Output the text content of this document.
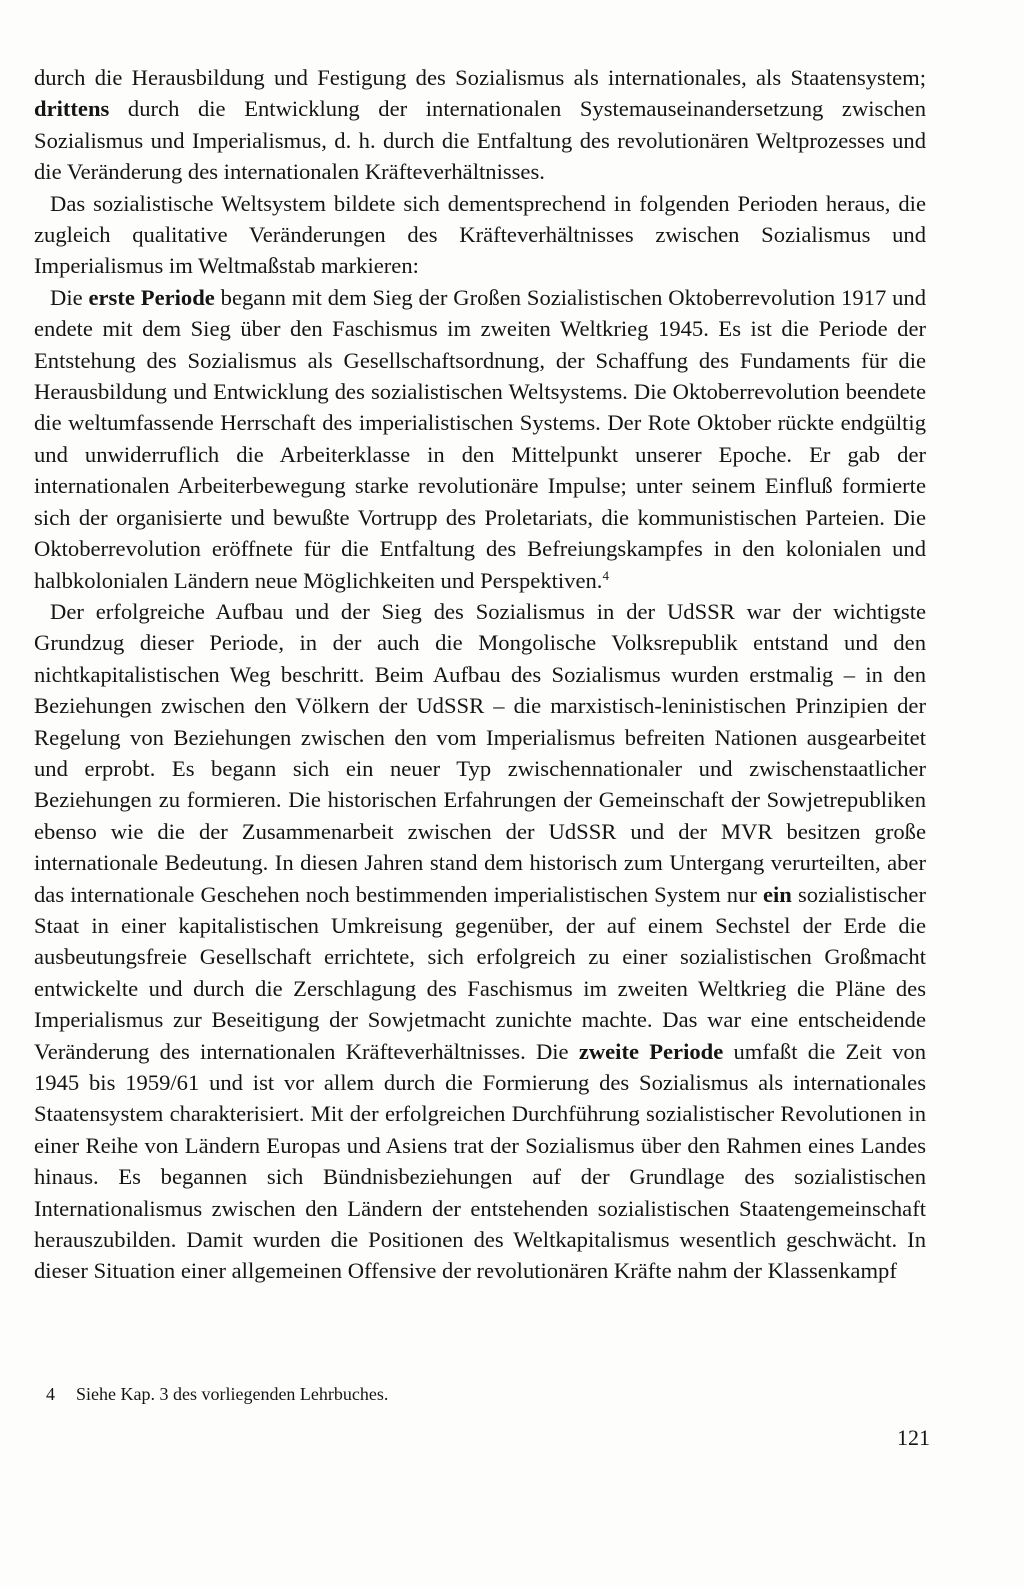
durch die Herausbildung und Festigung des Sozialismus als internationales, als Staatensystem; drittens durch die Entwicklung der internationalen Systemauseinandersetzung zwischen Sozialismus und Imperialismus, d. h. durch die Entfaltung des revolutionären Weltprozesses und die Veränderung des internationalen Kräfteverhältnisses.

Das sozialistische Weltsystem bildete sich dementsprechend in folgenden Perioden heraus, die zugleich qualitative Veränderungen des Kräfteverhältnisses zwischen Sozialismus und Imperialismus im Weltmaßstab markieren:

Die erste Periode begann mit dem Sieg der Großen Sozialistischen Oktoberrevolution 1917 und endete mit dem Sieg über den Faschismus im zweiten Weltkrieg 1945. Es ist die Periode der Entstehung des Sozialismus als Gesellschaftsordnung, der Schaffung des Fundaments für die Herausbildung und Entwicklung des sozialistischen Weltsystems. Die Oktoberrevolution beendete die weltumfassende Herrschaft des imperialistischen Systems. Der Rote Oktober rückte endgültig und unwiderruflich die Arbeiterklasse in den Mittelpunkt unserer Epoche. Er gab der internationalen Arbeiterbewegung starke revolutionäre Impulse; unter seinem Einfluß formierte sich der organisierte und bewußte Vortrupp des Proletariats, die kommunistischen Parteien. Die Oktoberrevolution eröffnete für die Entfaltung des Befreiungskampfes in den kolonialen und halbkolonialen Ländern neue Möglichkeiten und Perspektiven.$^4$

Der erfolgreiche Aufbau und der Sieg des Sozialismus in der UdSSR war der wichtigste Grundzug dieser Periode, in der auch die Mongolische Volksrepublik entstand und den nichtkapitalistischen Weg beschritt. Beim Aufbau des Sozialismus wurden erstmalig – in den Beziehungen zwischen den Völkern der UdSSR – die marxistisch-leninistischen Prinzipien der Regelung von Beziehungen zwischen den vom Imperialismus befreiten Nationen ausgearbeitet und erprobt. Es begann sich ein neuer Typ zwischennationaler und zwischenstaatlicher Beziehungen zu formieren. Die historischen Erfahrungen der Gemeinschaft der Sowjetrepubliken ebenso wie die der Zusammenarbeit zwischen der UdSSR und der MVR besitzen große internationale Bedeutung. In diesen Jahren stand dem historisch zum Untergang verurteilten, aber das internationale Geschehen noch bestimmenden imperialistischen System nur ein sozialistischer Staat in einer kapitalistischen Umkreisung gegenüber, der auf einem Sechstel der Erde die ausbeutungsfreie Gesellschaft errichtete, sich erfolgreich zu einer sozialistischen Großmacht entwickelte und durch die Zerschlagung des Faschismus im zweiten Weltkrieg die Pläne des Imperialismus zur Beseitigung der Sowjetmacht zunichte machte. Das war eine entscheidende Veränderung des internationalen Kräfteverhältnisses. Die zweite Periode umfaßt die Zeit von 1945 bis 1959/61 und ist vor allem durch die Formierung des Sozialismus als internationales Staatensystem charakterisiert. Mit der erfolgreichen Durchführung sozialistischer Revolutionen in einer Reihe von Ländern Europas und Asiens trat der Sozialismus über den Rahmen eines Landes hinaus. Es begannen sich Bündnisbeziehungen auf der Grundlage des sozialistischen Internationalismus zwischen den Ländern der entstehenden sozialistischen Staatengemeinschaft herauszubilden. Damit wurden die Positionen des Weltkapitalismus wesentlich geschwächt. In dieser Situation einer allgemeinen Offensive der revolutionären Kräfte nahm der Klassenkampf

4 Siehe Kap. 3 des vorliegenden Lehrbuches.
121
